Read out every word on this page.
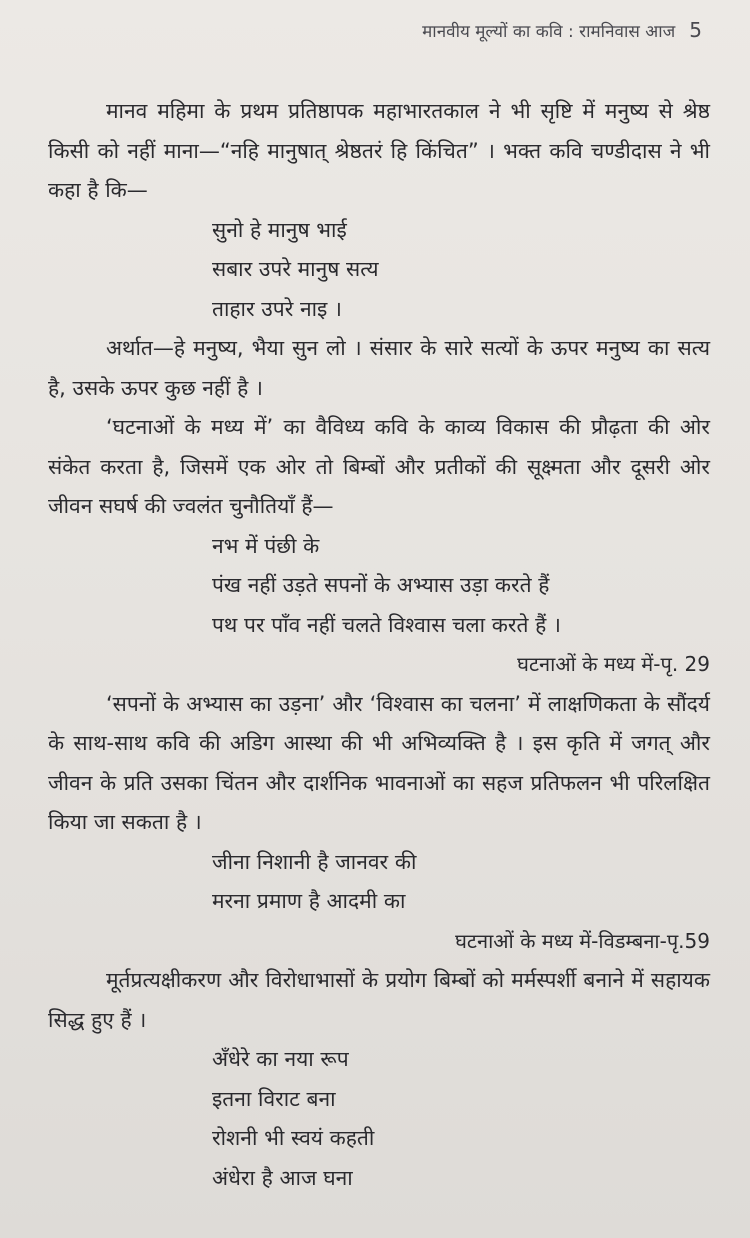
मानवीय मूल्यों का कवि : रामनिवास आज 5

मानव महिमा के प्रथम प्रतिष्ठापक महाभारतकाल ने भी सृष्टि में मनुष्य से श्रेष्ठ किसी को नहीं माना—“नहि मानुषात् श्रेष्ठतरं हि किंचित” । भक्त कवि चण्डीदास ने भी कहा है कि—

सुनो हे मानुष भाई
सबार उपरे मानुष सत्य
ताहार उपरे नाइ ।

अर्थात—हे मनुष्य, भैया सुन लो । संसार के सारे सत्यों के ऊपर मनुष्य का सत्य है, उसके ऊपर कुछ नहीं है ।

‘घटनाओं के मध्य में’ का वैविध्य कवि के काव्य विकास की प्रौढ़ता की ओर संकेत करता है, जिसमें एक ओर तो बिम्बों और प्रतीकों की सूक्ष्मता और दूसरी ओर जीवन सघर्ष की ज्वलंत चुनौतियाँ हैं—

नभ में पंछी के
पंख नहीं उड़ते सपनों के अभ्यास उड़ा करते हैं
पथ पर पाँव नहीं चलते विश्वास चला करते हैं ।
घटनाओं के मध्य में-पृ. 29

‘सपनों के अभ्यास का उड़ना’ और ‘विश्वास का चलना’ में लाक्षणिकता के सौंदर्य के साथ-साथ कवि की अडिग आस्था की भी अभिव्यक्ति है । इस कृति में जगत् और जीवन के प्रति उसका चिंतन और दार्शनिक भावनाओं का सहज प्रतिफलन भी परिलक्षित किया जा सकता है ।

जीना निशानी है जानवर की
मरना प्रमाण है आदमी का
घटनाओं के मध्य में-विडम्बना-पृ.59

मूर्तप्रत्यक्षीकरण और विरोधाभासों के प्रयोग बिम्बों को मर्मस्पर्शी बनाने में सहायक सिद्ध हुए हैं ।

अँधेरे का नया रूप
इतना विराट बना
रोशनी भी स्वयं कहती
अंधेरा है आज घना
